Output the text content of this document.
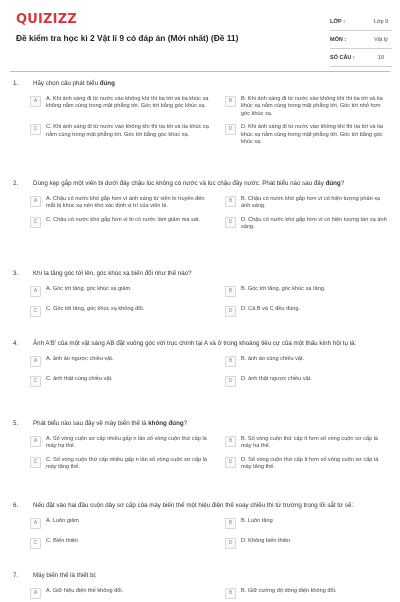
QUIZIZZ
Đề kiểm tra học kì 2 Vật lí 9 có đáp án (Mới nhất) (Đề 11)
LỚP :	Lớp 9
MÔN :	Vật lý
SỐ CÂU :	10
1.	Hãy chọn câu phát biểu đúng
A	A. Khi ánh sáng đi từ nước vào không khí thì tia tới và tia khúc xạ không nằm cùng trong mặt phẳng tới. Góc tới bằng góc khúc xạ.
B	B. Khi ánh sáng đi từ nước vào không khí thì tia tới và tia khúc xạ nằm cùng trong mặt phẳng tới. Góc tới nhỏ hơn góc khúc xạ.
C	C. Khi ánh sáng đi từ nước vào không khí thì tia tới và tia khúc xạ nằm cùng trong mặt phẳng tới. Góc tới bằng góc khúc xạ.
D	D. Khi ánh sáng đi từ nước vào không khí thì tia tới và tia khúc xạ nằm cùng trong mặt phẳng tới. Góc tới bằng góc khúc xạ.
2.	Dùng kẹp gắp một viên bi dưới đáy chậu lúc không có nước và lúc chậu đầy nước. Phát biểu nào sau đây đúng?
A	A. Chậu có nước khó gắp hơn vì ánh sáng từ viên bi truyền đến mắt bị khúc xạ nên khó xác định vị trí của viên bi.
B	B. Chậu có nước khó gắp hơn vì có hiện tượng phản xạ ánh sáng.
C	C. Chậu có nước khó gắp hơn vì bi có nước làm giảm ma sát.	D	D. Chậu có nước khó gắp hơn vì có hiện tượng tán xạ ánh sáng.
3.	Khi ta tăng góc tới lên, góc khúc xạ biến đổi như thế nào?
A	A. Góc tới tăng, góc khúc xạ giảm.	B	B. Góc tới tăng, góc khúc xạ tăng.
C	C. Góc tới tăng, góc khúc xạ không đổi.	D	D. Cả B và C đều đúng.
4.	Ảnh A'B' của một vật sáng AB đặt vuông góc với trục chính tại A và ở trong khoảng tiêu cự của một thấu kính hội tụ là:
A	A. ảnh ảo ngược chiều vật.	B	B. ảnh ảo cùng chiều vật.
C	C. ảnh thật cùng chiều vật.	D	D. ảnh thật ngược chiều vật.
5.	Phát biểu nào sau đây về máy biến thế là không đúng?
A	A. Số vòng cuộn sơ cấp nhiều gấp n lần số vòng cuộn thứ cấp là máy hạ thế.
B	B. Số vòng cuộn thứ cấp ít hơn số vòng cuộn sơ cấp là máy hạ thế.
C	C. Số vòng cuộn thứ cấp nhiều gấp n lần số vòng cuộn sơ cấp là máy tăng thế.
D	D. Số vòng cuộn thứ cấp ít hơn số vòng cuộn sơ cấp là máy tăng thế.
6.	Nếu đặt vào hai đầu cuộn dây sơ cấp của máy biến thế một hiệu điện thế xoay chiều thì từ trường trong lõi sắt từ sẽ:
A	A. Luôn giảm	B	B. Luôn tăng
C	C. Biến thiên	D	D. Không biến thiên
7.	Máy biến thế là thiết bị:
A	A. Giữ hiệu điện thế không đổi.	B	B. Giữ cường độ dòng điện không đổi.
